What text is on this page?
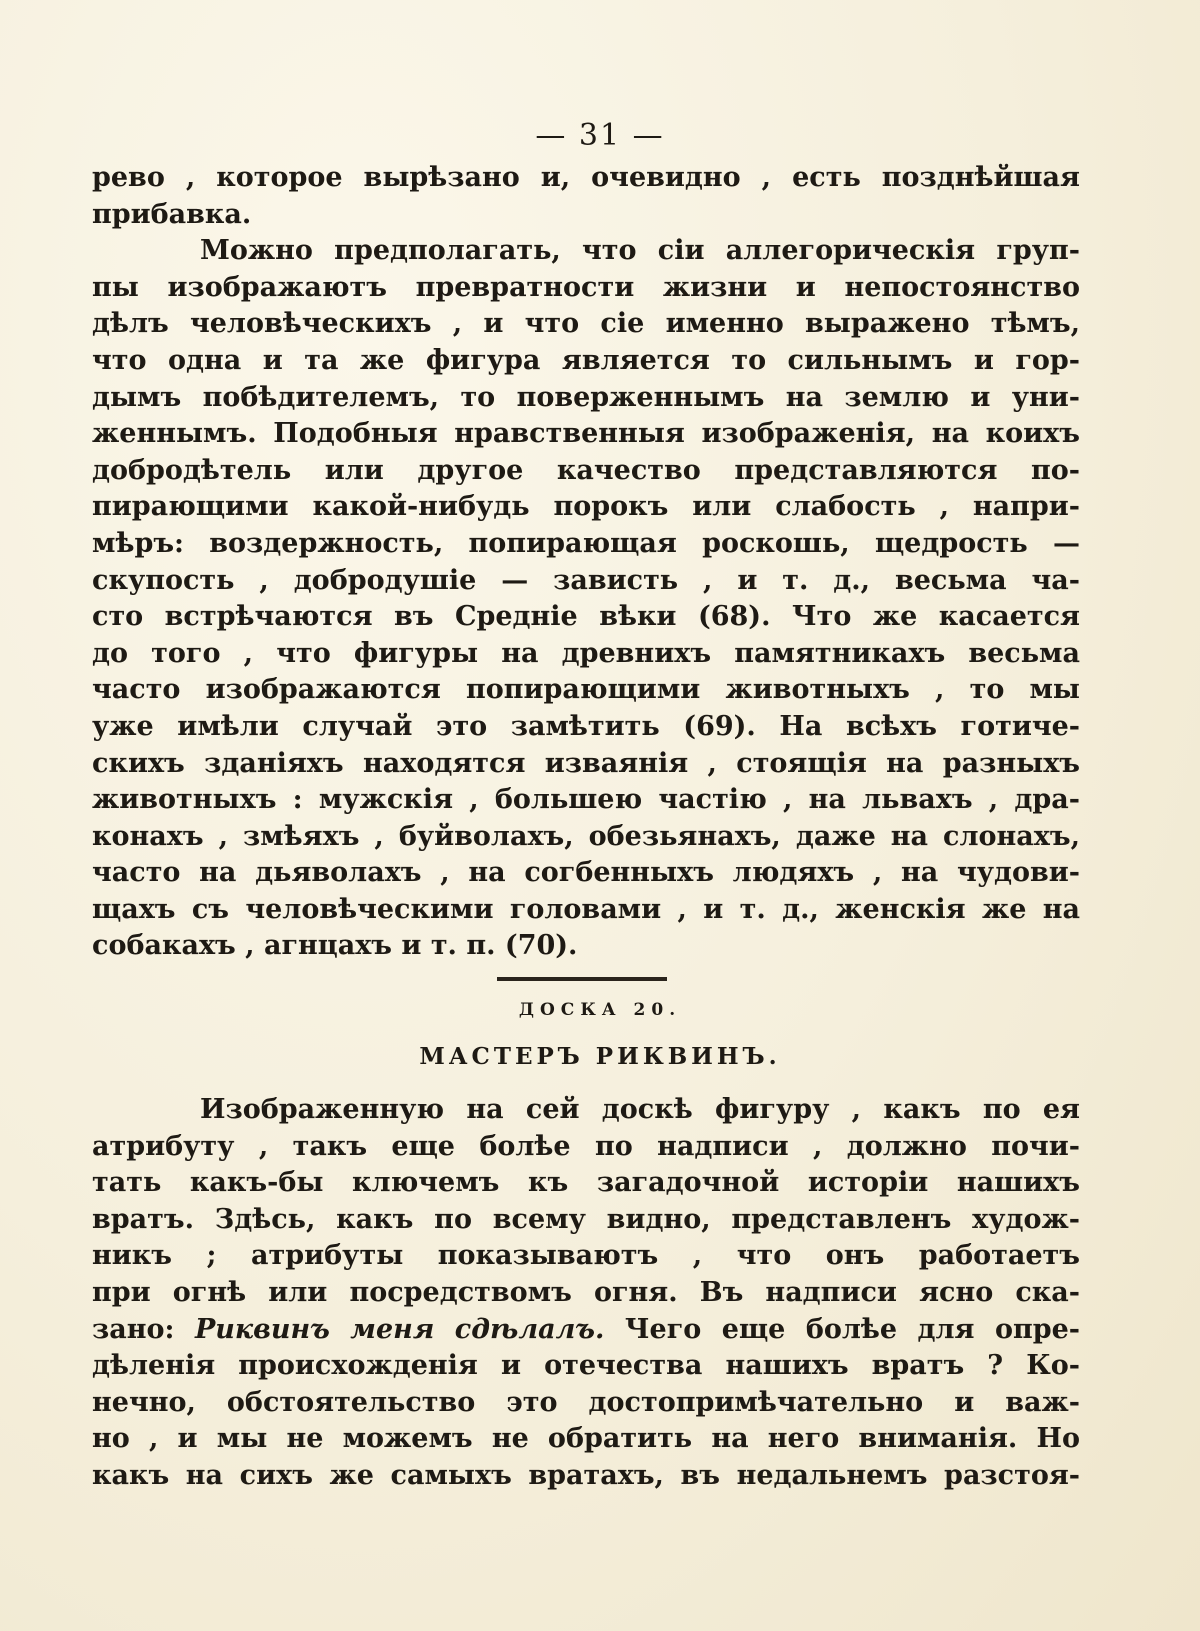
— 31 —
рево , которое вырѣзано и, очевидно , есть позднѣйшая
прибавка.
Можно предполагать, что сіи аллегорическія груп-
пы изображаютъ превратности жизни и непостоянство
дѣлъ человѣческихъ , и что сіе именно выражено тѣмъ,
что одна и та же фигура является то сильнымъ и гор-
дымъ побѣдителемъ, то поверженнымъ на землю и уни-
женнымъ. Подобныя нравственныя изображенія, на коихъ
добродѣтель или другое качество представляются по-
пирающими какой-нибудь порокъ или слабость , напри-
мѣръ: воздержность, попирающая роскошь, щедрость —
скупость , добродушіе — зависть , и т. д., весьма ча-
сто встрѣчаются въ Средніе вѣки (68). Что же касается
до того , что фигуры на древнихъ памятникахъ весьма
часто изображаются попирающими животныхъ , то мы
уже имѣли случай это замѣтить (69). На всѣхъ готиче-
скихъ зданіяхъ находятся изваянія , стоящія на разныхъ
животныхъ : мужскія , большею частію , на львахъ , дра-
конахъ , змѣяхъ , буйволахъ, обезьянахъ, даже на слонахъ,
часто на дьяволахъ , на согбенныхъ людяхъ , на чудови-
щахъ съ человѣческими головами , и т. д., женскія же на
собакахъ , агнцахъ и т. п. (70).
ДОСКА 20.
МАСТЕРЪ РИКВИНЪ.
Изображенную на сей доскѣ фигуру , какъ по ея
атрибуту , такъ еще болѣе по надписи , должно почи-
тать какъ-бы ключемъ къ загадочной исторіи нашихъ
вратъ. Здѣсь, какъ по всему видно, представленъ худож-
никъ ; атрибуты показываютъ , что онъ работаетъ
при огнѣ или посредствомъ огня. Въ надписи ясно ска-
зано: Риквинъ меня сдѣлалъ. Чего еще болѣе для опре-
дѣленія происхожденія и отечества нашихъ вратъ ? Ко-
нечно, обстоятельство это достопримѣчательно и важ-
но , и мы не можемъ не обратить на него вниманія. Но
какъ на сихъ же самыхъ вратахъ, въ недальнемъ разстоя-
